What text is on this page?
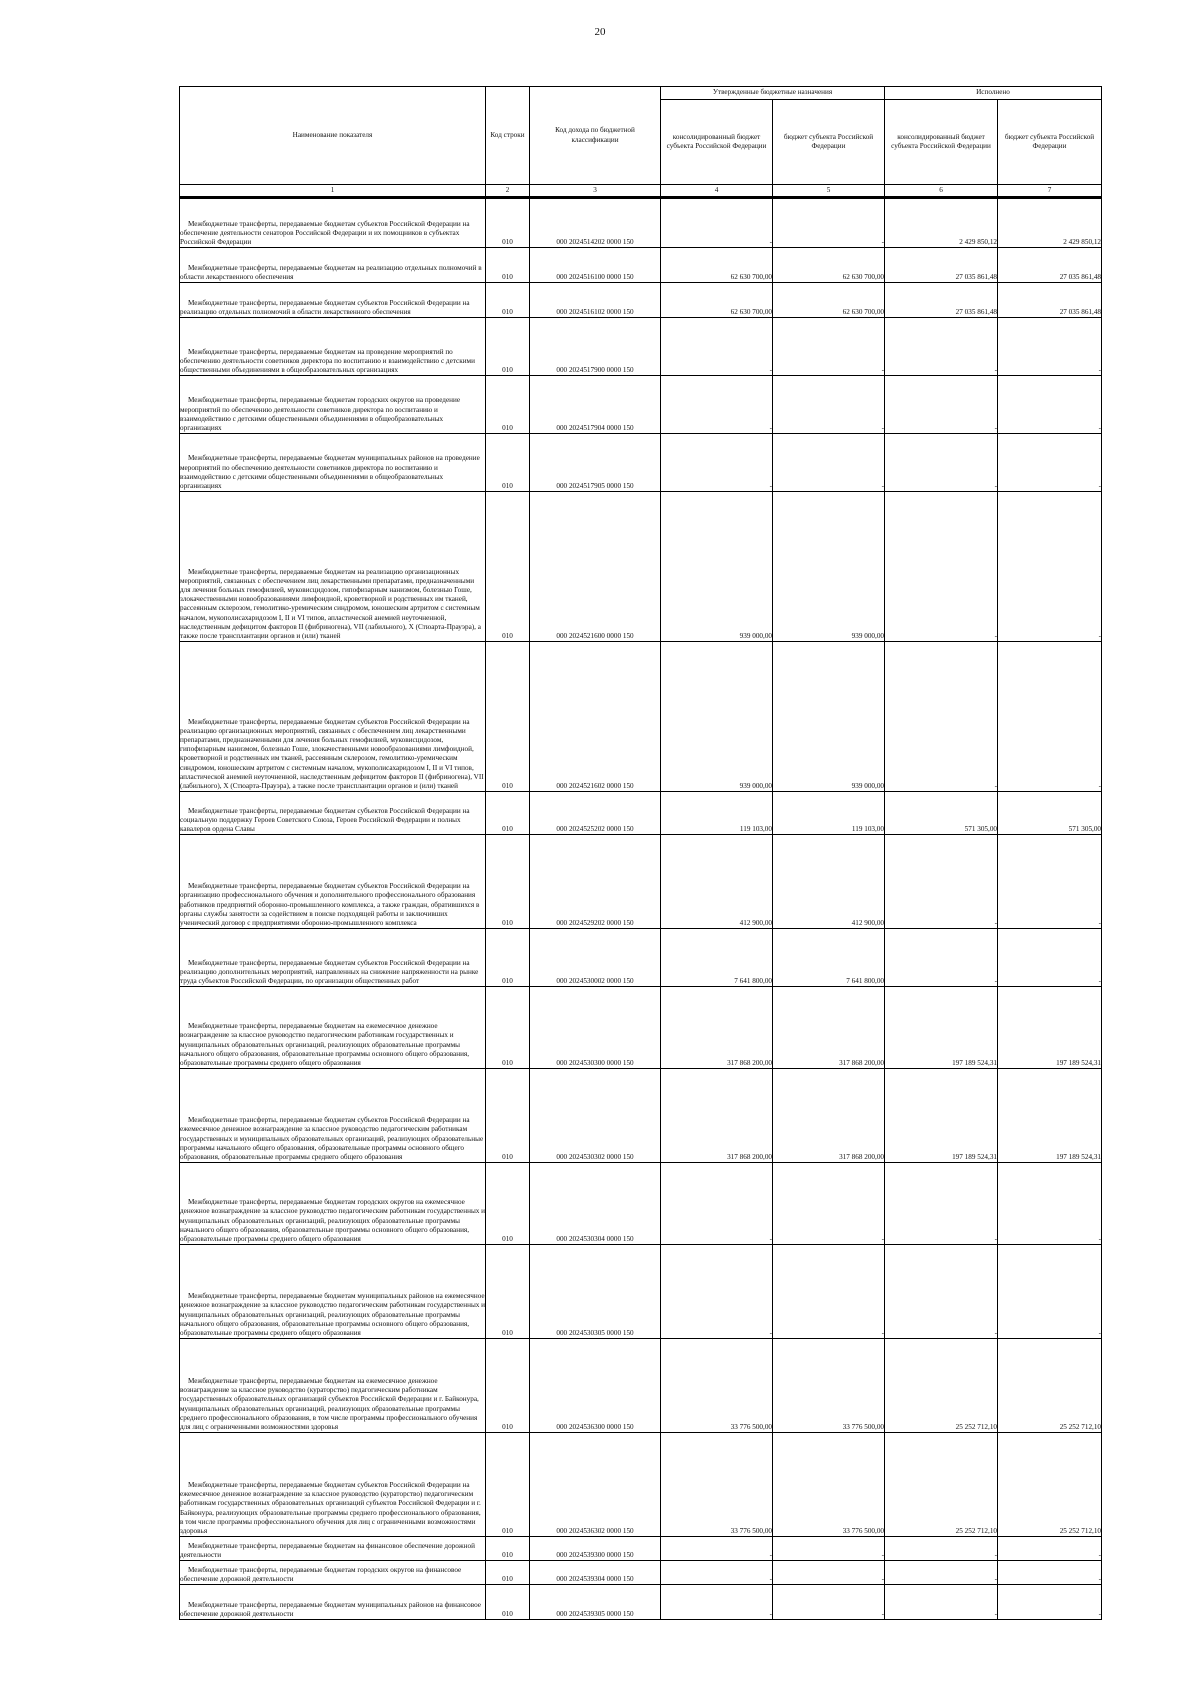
20
Наименование показателя	Код строки	Код дохода по бюджетной классификации	Утвержденные бюджетные назначения		Исполнено	
			консолидированный бюджет субъекта Российской Федерации	бюджет субъекта Российской Федерации	консолидированный бюджет субъекта Российской Федерации	бюджет субъекта Российской Федерации
1	2	3	4	5	6	7
Межбюджетные трансферты, передаваемые бюджетам субъектов Российской Федерации на обеспечение деятельности сенаторов Российской Федерации и их помощников в субъектах Российской Федерации	010	000 2024514202 0000 150	-	-	2 429 850,12	2 429 850,12
Межбюджетные трансферты, передаваемые бюджетам на реализацию отдельных полномочий в области лекарственного обеспечения	010	000 2024516100 0000 150	62 630 700,00	62 630 700,00	27 035 861,48	27 035 861,48
Межбюджетные трансферты, передаваемые бюджетам субъектов Российской Федерации на реализацию отдельных полномочий в области лекарственного обеспечения	010	000 2024516102 0000 150	62 630 700,00	62 630 700,00	27 035 861,48	27 035 861,48
Межбюджетные трансферты, передаваемые бюджетам на проведение мероприятий по обеспечению деятельности советников директора по воспитанию и взаимодействию с детскими общественными объединениями в общеобразовательных организациях	010	000 2024517900 0000 150	-	-	-	-
Межбюджетные трансферты, передаваемые бюджетам городских округов на проведение мероприятий по обеспечению деятельности советников директора по воспитанию и взаимодействию с детскими общественными объединениями в общеобразовательных организациях	010	000 2024517904 0000 150	-	-	-	-
Межбюджетные трансферты, передаваемые бюджетам муниципальных районов на проведение мероприятий по обеспечению деятельности советников директора по воспитанию и взаимодействию с детскими общественными объединениями в общеобразовательных организациях	010	000 2024517905 0000 150	-	-	-	-
Межбюджетные трансферты, передаваемые бюджетам на реализацию организационных мероприятий, связанных с обеспечением лиц лекарственными препаратами, предназначенными для лечения больных гемофилией, муковисцидозом, гипофизарным нанизмом, болезнью Гоше, злокачественными новообразованиями лимфоидной, кроветворной и родственных им тканей, рассеянным склерозом, гемолитико-уремическим синдромом, юношеским артритом с системным началом, мукополисахаридозом I, II и VI типов, апластической анемией неуточненной, наследственным дефицитом факторов II (фибриногена), VII (лабильного), X (Стюарта-Прауэра), а также после трансплантации органов и (или) тканей	010	000 2024521600 0000 150	939 000,00	939 000,00	-	-
Межбюджетные трансферты, передаваемые бюджетам субъектов Российской Федерации на реализацию организационных мероприятий, связанных с обеспечением лиц лекарственными препаратами, предназначенными для лечения больных гемофилией, муковисцидозом, гипофизарным нанизмом, болезнью Гоше, злокачественными новообразованиями лимфоидной, кроветворной и родственных им тканей, рассеянным склерозом, гемолитико-уремическим синдромом, юношеским артритом с системным началом, мукополисахаридозом I, II и VI типов, апластической анемией неуточненной, наследственным дефицитом факторов II (фибриногена), VII (лабильного), X (Стюарта-Прауэра), а также после трансплантации органов и (или) тканей	010	000 2024521602 0000 150	939 000,00	939 000,00	-	-
Межбюджетные трансферты, передаваемые бюджетам субъектов Российской Федерации на социальную поддержку Героев Советского Союза, Героев Российской Федерации и полных кавалеров ордена Славы	010	000 2024525202 0000 150	119 103,00	119 103,00	571 305,00	571 305,00
Межбюджетные трансферты, передаваемые бюджетам субъектов Российской Федерации на организацию профессионального обучения и дополнительного профессионального образования работников предприятий оборонно-промышленного комплекса, а также граждан, обратившихся в органы службы занятости за содействием в поиске подходящей работы и заключивших ученический договор с предприятиями оборонно-промышленного комплекса	010	000 2024529202 0000 150	412 900,00	412 900,00	-	-
Межбюджетные трансферты, передаваемые бюджетам субъектов Российской Федерации на реализацию дополнительных мероприятий, направленных на снижение напряженности на рынке труда субъектов Российской Федерации, по организации общественных работ	010	000 2024530002 0000 150	7 641 800,00	7 641 800,00	-	-
Межбюджетные трансферты, передаваемые бюджетам на ежемесячное денежное вознаграждение за классное руководство педагогическим работникам государственных и муниципальных образовательных организаций, реализующих образовательные программы начального общего образования, образовательные программы основного общего образования, образовательные программы среднего общего образования	010	000 2024530300 0000 150	317 868 200,00	317 868 200,00	197 189 524,31	197 189 524,31
Межбюджетные трансферты, передаваемые бюджетам субъектов Российской Федерации на ежемесячное денежное вознаграждение за классное руководство педагогическим работникам государственных и муниципальных образовательных организаций, реализующих образовательные программы начального общего образования, образовательные программы основного общего образования, образовательные программы среднего общего образования	010	000 2024530302 0000 150	317 868 200,00	317 868 200,00	197 189 524,31	197 189 524,31
Межбюджетные трансферты, передаваемые бюджетам городских округов на ежемесячное денежное вознаграждение за классное руководство педагогическим работникам государственных и муниципальных образовательных организаций, реализующих образовательные программы начального общего образования, образовательные программы основного общего образования, образовательные программы среднего общего образования	010	000 2024530304 0000 150	-	-	-	-
Межбюджетные трансферты, передаваемые бюджетам муниципальных районов на ежемесячное денежное вознаграждение за классное руководство педагогическим работникам государственных и муниципальных образовательных организаций, реализующих образовательные программы начального общего образования, образовательные программы основного общего образования, образовательные программы среднего общего образования	010	000 2024530305 0000 150	-	-	-	-
Межбюджетные трансферты, передаваемые бюджетам на ежемесячное денежное вознаграждение за классное руководство (кураторство) педагогическим работникам государственных образовательных организаций субъектов Российской Федерации и г. Байконура, муниципальных образовательных организаций, реализующих образовательные программы среднего профессионального образования, в том числе программы профессионального обучения для лиц с ограниченными возможностями здоровья	010	000 2024536300 0000 150	33 776 500,00	33 776 500,00	25 252 712,10	25 252 712,10
Межбюджетные трансферты, передаваемые бюджетам субъектов Российской Федерации на ежемесячное денежное вознаграждение за классное руководство (кураторство) педагогическим работникам государственных образовательных организаций субъектов Российской Федерации и г. Байконура, реализующих образовательные программы среднего профессионального образования, в том числе программы профессионального обучения для лиц с ограниченными возможностями здоровья	010	000 2024536302 0000 150	33 776 500,00	33 776 500,00	25 252 712,10	25 252 712,10
Межбюджетные трансферты, передаваемые бюджетам на финансовое обеспечение дорожной деятельности	010	000 2024539300 0000 150	-	-	-	-
Межбюджетные трансферты, передаваемые бюджетам городских округов на финансовое обеспечение дорожной деятельности	010	000 2024539304 0000 150	-	-	-	-
Межбюджетные трансферты, передаваемые бюджетам муниципальных районов на финансовое обеспечение дорожной деятельности	010	000 2024539305 0000 150	-	-	-	-
